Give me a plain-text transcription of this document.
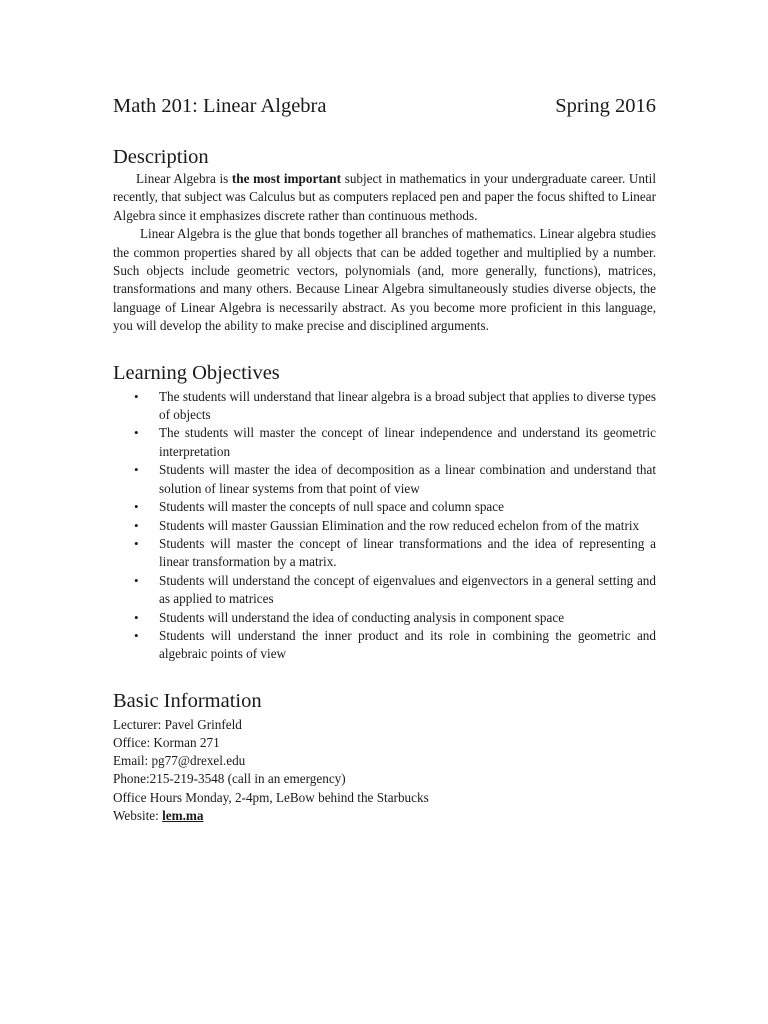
Math 201: Linear Algebra	Spring 2016
Description

Linear Algebra is the most important subject in mathematics in your undergraduate career. Until recently, that subject was Calculus but as computers replaced pen and paper the focus shifted to Linear Algebra since it emphasizes discrete rather than continuous methods.

Linear Algebra is the glue that bonds together all branches of mathematics. Linear algebra studies the common properties shared by all objects that can be added together and multiplied by a number. Such objects include geometric vectors, polynomials (and, more generally, functions), matrices, transformations and many others. Because Linear Algebra simultaneously studies diverse objects, the language of Linear Algebra is necessarily abstract. As you become more proficient in this language, you will develop the ability to make precise and disciplined arguments.

Learning Objectives
• The students will understand that linear algebra is a broad subject that applies to diverse types of objects
• The students will master the concept of linear independence and understand its geometric interpretation
• Students will master the idea of decomposition as a linear combination and understand that solution of linear systems from that point of view
• Students will master the concepts of null space and column space
• Students will master Gaussian Elimination and the row reduced echelon from of the matrix
• Students will master the concept of linear transformations and the idea of representing a linear transformation by a matrix.
• Students will understand the concept of eigenvalues and eigenvectors in a general setting and as applied to matrices
• Students will understand the idea of conducting analysis in component space
• Students will understand the inner product and its role in combining the geometric and algebraic points of view
Basic Information
Lecturer: Pavel Grinfeld
Office: Korman 271
Email: pg77@drexel.edu
Phone:215-219-3548 (call in an emergency)
Office Hours Monday, 2-4pm, LeBow behind the Starbucks
Website: lem.ma
